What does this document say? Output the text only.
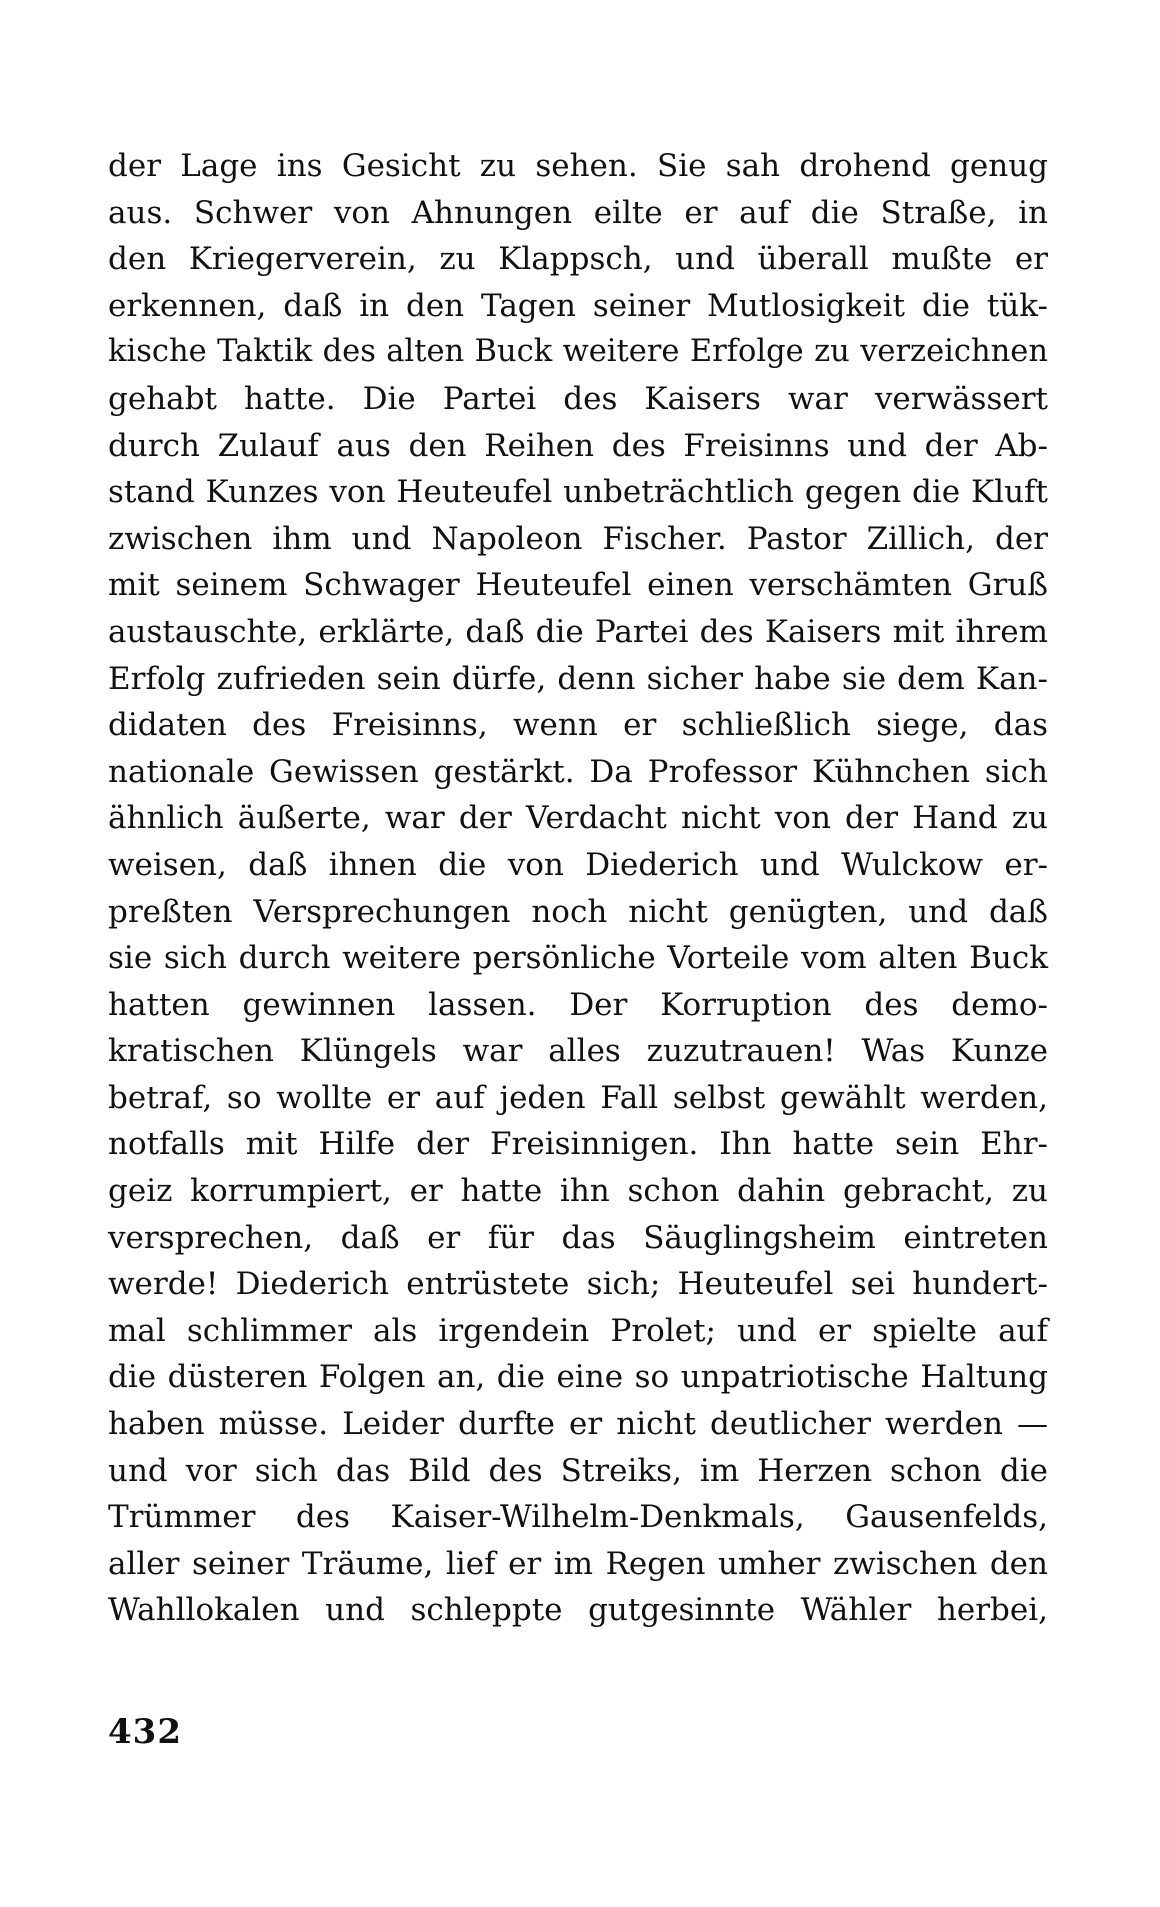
der Lage ins Gesicht zu sehen. Sie sah drohend genug
aus. Schwer von Ahnungen eilte er auf die Straße, in
den Kriegerverein, zu Klappsch, und überall mußte er
erkennen, daß in den Tagen seiner Mutlosigkeit die tük-
kische Taktik des alten Buck weitere Erfolge zu verzeichnen
gehabt hatte. Die Partei des Kaisers war verwässert
durch Zulauf aus den Reihen des Freisinns und der Ab-
stand Kunzes von Heuteufel unbeträchtlich gegen die Kluft
zwischen ihm und Napoleon Fischer. Pastor Zillich, der
mit seinem Schwager Heuteufel einen verschämten Gruß
austauschte, erklärte, daß die Partei des Kaisers mit ihrem
Erfolg zufrieden sein dürfe, denn sicher habe sie dem Kan-
didaten des Freisinns, wenn er schließlich siege, das
nationale Gewissen gestärkt. Da Professor Kühnchen sich
ähnlich äußerte, war der Verdacht nicht von der Hand zu
weisen, daß ihnen die von Diederich und Wulckow er-
preßten Versprechungen noch nicht genügten, und daß
sie sich durch weitere persönliche Vorteile vom alten Buck
hatten gewinnen lassen. Der Korruption des demo-
kratischen Klüngels war alles zuzutrauen! Was Kunze
betraf, so wollte er auf jeden Fall selbst gewählt werden,
notfalls mit Hilfe der Freisinnigen. Ihn hatte sein Ehr-
geiz korrumpiert, er hatte ihn schon dahin gebracht, zu
versprechen, daß er für das Säuglingsheim eintreten
werde! Diederich entrüstete sich; Heuteufel sei hundert-
mal schlimmer als irgendein Prolet; und er spielte auf
die düsteren Folgen an, die eine so unpatriotische Haltung
haben müsse. Leider durfte er nicht deutlicher werden —
und vor sich das Bild des Streiks, im Herzen schon die
Trümmer des Kaiser-Wilhelm-Denkmals, Gausenfelds,
aller seiner Träume, lief er im Regen umher zwischen den
Wahllokalen und schleppte gutgesinnte Wähler herbei,
432
